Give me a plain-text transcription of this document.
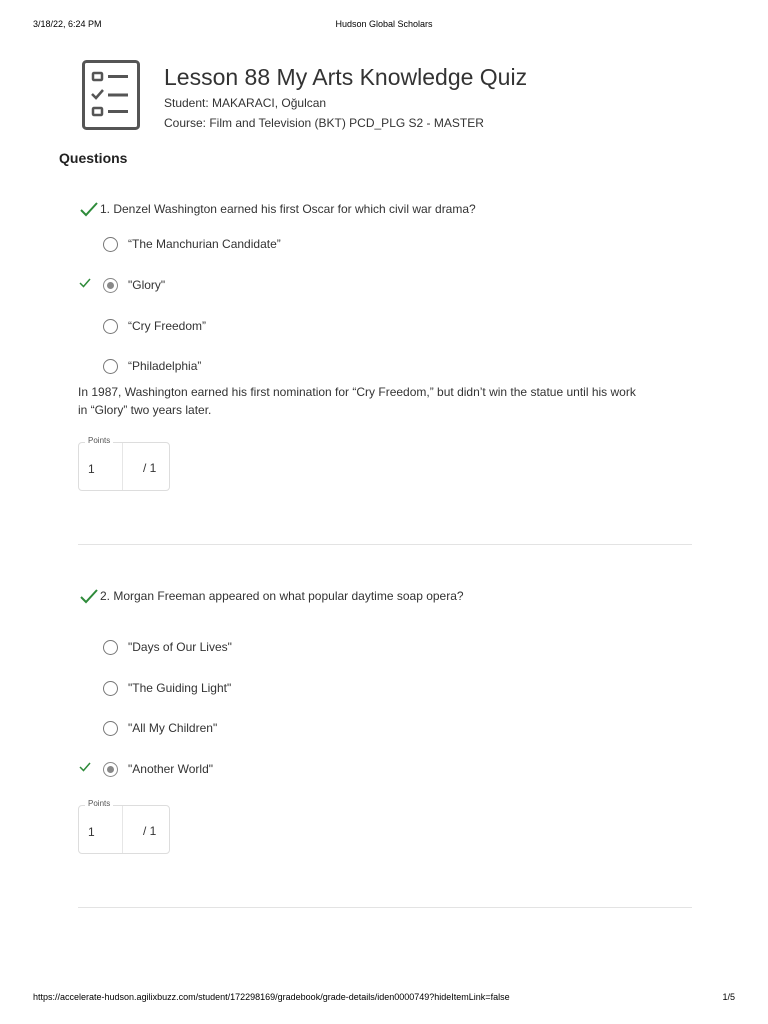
3/18/22, 6:24 PM	Hudson Global Scholars
Lesson 88 My Arts Knowledge Quiz
Student: MAKARACI, Oğulcan
Course: Film and Television (BKT) PCD_PLG S2 - MASTER
Questions
1. Denzel Washington earned his first Oscar for which civil war drama?
“The Manchurian Candidate”
"Glory"
“Cry Freedom”
“Philadelphia”
In 1987, Washington earned his first nomination for “Cry Freedom,” but didn’t win the statue until his work
in “Glory” two years later.
Points
1	/ 1
2. Morgan Freeman appeared on what popular daytime soap opera?
"Days of Our Lives"
"The Guiding Light"
"All My Children"
"Another World"
Points
1	/ 1
https://accelerate-hudson.agilixbuzz.com/student/172298169/gradebook/grade-details/iden0000749?hideItemLink=false	1/5
